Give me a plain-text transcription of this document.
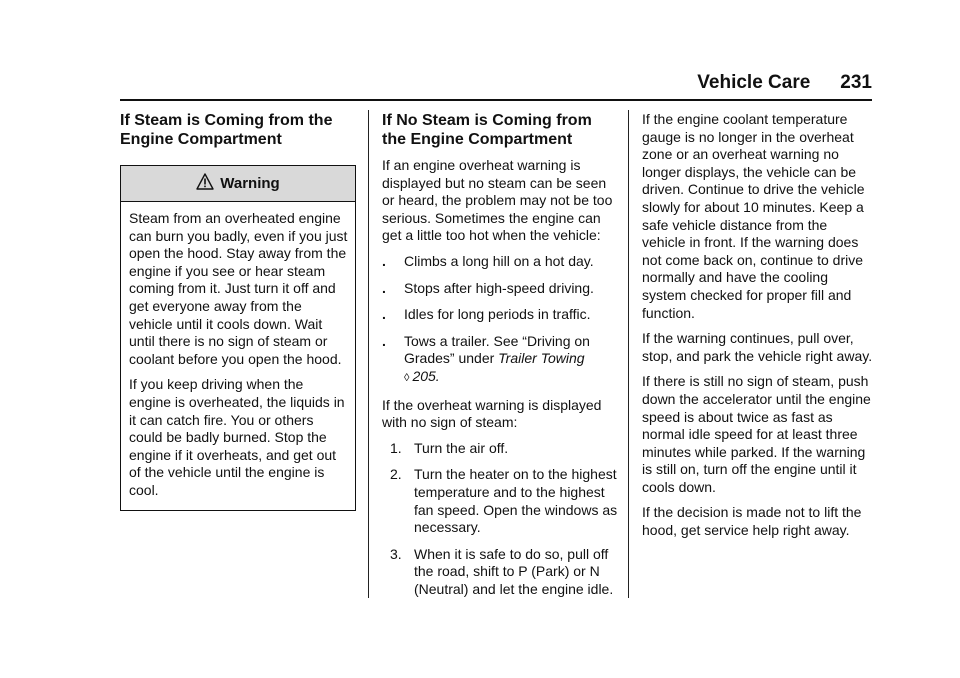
Vehicle Care 231
If Steam is Coming from the Engine Compartment
Warning

Steam from an overheated engine can burn you badly, even if you just open the hood. Stay away from the engine if you see or hear steam coming from it. Just turn it off and get everyone away from the vehicle until it cools down. Wait until there is no sign of steam or coolant before you open the hood.

If you keep driving when the engine is overheated, the liquids in it can catch fire. You or others could be badly burned. Stop the engine if it overheats, and get out of the vehicle until the engine is cool.

If No Steam is Coming from the Engine Compartment

If an engine overheat warning is displayed but no steam can be seen or heard, the problem may not be too serious. Sometimes the engine can get a little too hot when the vehicle:

. Climbs a long hill on a hot day.
. Stops after high-speed driving.
. Idles for long periods in traffic.
. Tows a trailer. See “Driving on Grades” under Trailer Towing
◊ 205.

If the overheat warning is displayed with no sign of steam:

1. Turn the air off.
2. Turn the heater on to the highest temperature and to the highest fan speed. Open the windows as necessary.
3. When it is safe to do so, pull off the road, shift to P (Park) or N (Neutral) and let the engine idle.

If the engine coolant temperature gauge is no longer in the overheat zone or an overheat warning no longer displays, the vehicle can be driven. Continue to drive the vehicle slowly for about 10 minutes. Keep a safe vehicle distance from the vehicle in front. If the warning does not come back on, continue to drive normally and have the cooling system checked for proper fill and function.

If the warning continues, pull over, stop, and park the vehicle right away.

If there is still no sign of steam, push down the accelerator until the engine speed is about twice as fast as normal idle speed for at least three minutes while parked. If the warning is still on, turn off the engine until it cools down.

If the decision is made not to lift the hood, get service help right away.
